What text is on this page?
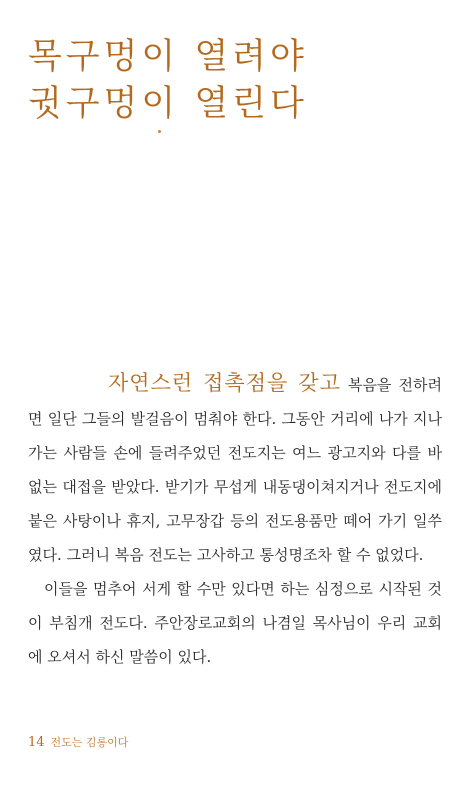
목구멍이 열려야
귓구멍이 열린다

자연스런 접촉점을 갖고 복음을 전하려면 일단 그들의 발걸음이 멈춰야 한다. 그동안 거리에 나가 지나가는 사람들 손에 들려주었던 전도지는 여느 광고지와 다를 바 없는 대접을 받았다. 받기가 무섭게 내동댕이쳐지거나 전도지에 붙은 사탕이나 휴지, 고무장갑 등의 전도용품만 떼어 가기 일쑤였다. 그러니 복음 전도는 고사하고 통성명조차 할 수 없었다.

이들을 멈추어 서게 할 수만 있다면 하는 심정으로 시작된 것이 부침개 전도다. 주안장로교회의 나겸일 목사님이 우리 교회에 오셔서 하신 말씀이 있다.

14 전도는 김롱이다
